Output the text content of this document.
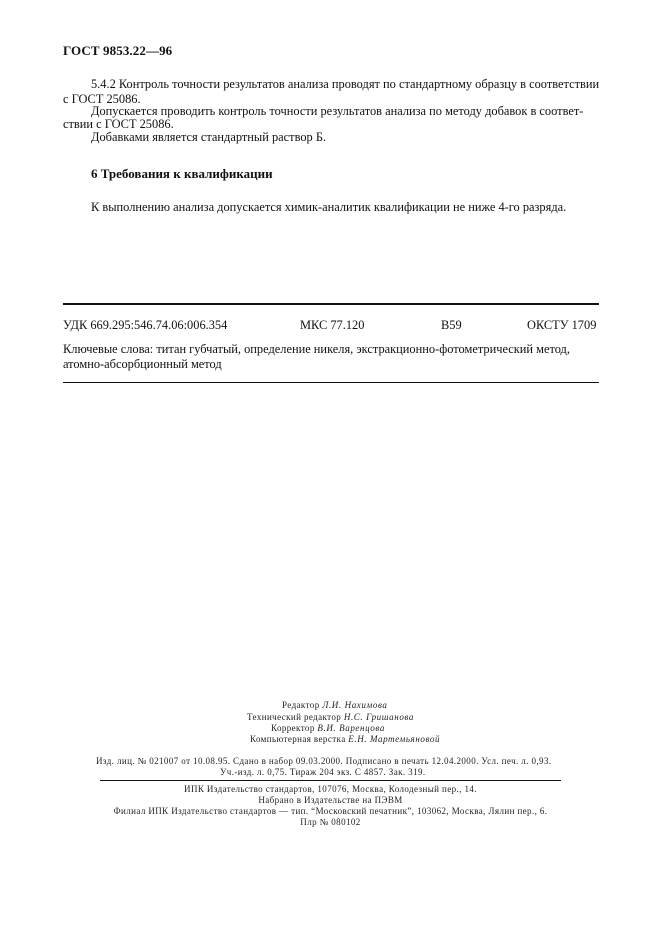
ГОСТ 9853.22—96
5.4.2 Контроль точности результатов анализа проводят по стандартному образцу в соответствии
с ГОСТ 25086.
Допускается проводить контроль точности результатов анализа по методу добавок в соответ-
ствии с ГОСТ 25086.
Добавками является стандартный раствор Б.
6 Требования к квалификации
К выполнению анализа допускается химик-аналитик квалификации не ниже 4-го разряда.
УДК 669.295:546.74.06:006.354	МКС 77.120	В59	ОКСТУ 1709
Ключевые слова: титан губчатый, определение никеля, экстракционно-фотометрический метод,
атомно-абсорбционный метод
Редактор Л.И. Нахимова
Технический редактор Н.С. Гришанова
Корректор В.И. Варенцова
Компьютерная верстка Е.Н. Мартемьяновой
Изд. лиц. № 021007 от 10.08.95. Сдано в набор 09.03.2000. Подписано в печать 12.04.2000. Усл. печ. л. 0,93.
Уч.-изд. л. 0,75. Тираж 204 экз. С 4857. Зак. 319.
ИПК Издательство стандартов, 107076, Москва, Колодезный пер., 14.
Набрано в Издательстве на ПЭВМ
Филиал ИПК Издательство стандартов — тип. “Московский печатник”, 103062, Москва, Лялин пер., 6.
Плр № 080102
